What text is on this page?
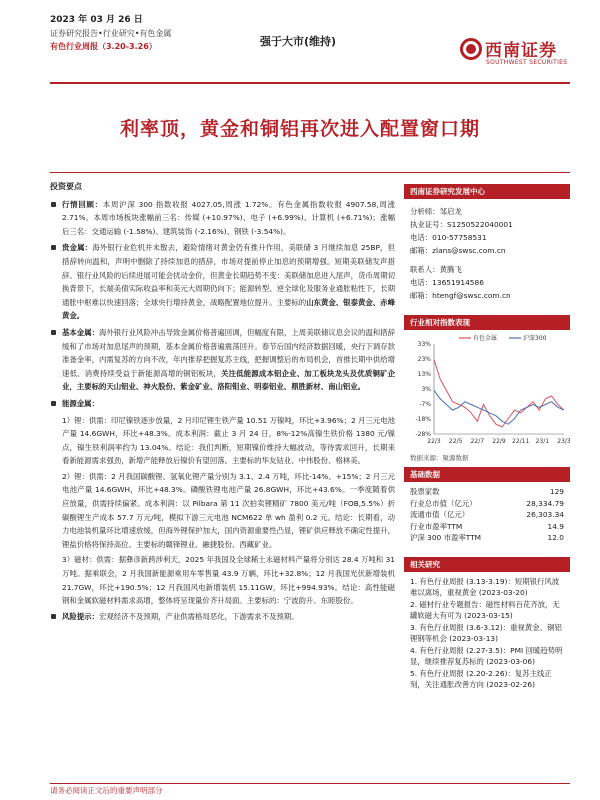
2023 年 03 月 26 日
证券研究报告•行业研究•有色金属
有色行业周报（3.20-3.26）	强于大市(维持)	西南证券
SOUTHWEST SECURITIES
利率顶，黄金和铜铝再次进入配置窗口期
投资要点
行情回顾：本周沪深 300 指数收报 4027.05,周涨 1.72%。有色金属指数收报 4907.58,周涨 2.71%。本周市场板块涨幅前三名：传媒 (+10.97%)、电子 (+6.99%)、计算机 (+6.71%)；涨幅后三名：交通运输 (-1.58%)、建筑装饰 (-2.16%)、钢铁 (-3.54%)。
贵金属：海外银行业危机并未散去，避险情绪对黄金仍有推升作用，美联储 3 月继续加息 25BP，但措辞转向温和，声明中删除了持续加息的措辞，市场对提前停止加息的预期增强。短期美联储发声措辞、银行业风险的后续进展可能会扰动金价，但黄金长期趋势不变：美联储加息进入尾声，货币周期切换背景下，长端美债实际收益率和美元大周期仍向下；能源转型、逆全球化及服务业通胀粘性下，长期通胀中枢难以快速回落；全球央行增持黄金，战略配置地位提升。主要标的山东黄金、银泰黄金、赤峰黄金。
基本金属：海外银行业风险冲击导致金属价格普遍回调，但幅度有限，上周美联储议息会议的温和措辞缓和了市场对加息尾声的预期，基本金属价格普遍震荡回升。春节后国内经济数据回暖，央行下调存款准备金率，内需复苏的方向不改，年内推荐把握复苏主线，把握调整后的布局机会，首推长期中供给增速低、消费持续受益于新能源高增的铜铝板块，关注低能源成本铝企业、加工板块龙头及优质铜矿企业，主要标的天山铝业、神火股份、紫金矿业、洛阳钼业、明泰铝业、鼎胜新材、南山铝业。
能源金属：
1）锂：供需：印尼镍铁逐步放量，2 月印尼锂生铁产量 10.51 万镍吨，环比+3.96%；2 月三元电池产量 14.6GWH，环比+48.3%。成本利润：截止 3 月 24 日，8%-12%高镍生铁价格 1380 元/镍点，镍生铁利润率约为 13.04%。结论：我们判断，短期镍价维持大幅波动，等待需求回升，长期来看新能源需求强劲，新增产能释放后镍价有望回落。主要标的华友钴业、中伟股份、格林美。
2）锂：供需：2 月我国碳酸锂、氢氧化锂产量分别为 3.1、2.4 万吨，环比-14%、+15%；2 月三元电池产量 14.6GWH，环比+48.3%。磷酸铁锂电池产量 26.8GWH，环比+43.6%。一季度随着供应放量，供需持续偏紧。成本利润：以 Pilbara 第 11 次拍卖锂精矿 7800 美元/吨（FOB,5.5%）折碳酸锂生产成本 57.7 万元/吨，模拟下游三元电池 NCM622 单 wh 盈利 0.2 元。结论：长期看，动力电池装机量环比增速放缓，但海外锂保护加大，国内资源重要性凸显，锂矿供应释放不确定性提升，锂盐价格将保持高位。主要标的赣锋锂业、融捷股份、西藏矿业。
3）磁材：供需：据彝彦新跨涉利天，2025 年我国及全球稀土永磁材料产量将分别达 28.4 万吨和 31 万吨。据乘联会，2 月我国新能源乘用车零售量 43.9 万辆，环比+32.8%；12 月我国光伏新增装机 21.7GW，环比+190.5%；12 月我国风电新增装机 15.11GW，环比+994.93%。结论：高性能磁钢和金属软磁材料需求高增，整体将呈现量价齐升局面。主要标的：宁波韵升、东睦股份。
风险提示：宏观经济不及预期，产业供需格局恶化，下游需求不及预期。
西南证券研究发展中心
分析师：邹启龙
执业证号：S1250522040001
电话：010-57758531
邮箱：zlans@swsc.com.cn
联系人：黄腾飞
电话：13651914586
邮箱：htengf@swsc.com.cn
行业相对指数表现
33%
23%
13%
3%
-7%
-18%
-28%
22/3 22/5 22/7 22/9 22/11 23/1 23/3
有色金属	沪深300
数据来源：聚源数据
基础数据
股票家数	129
行业总市值（亿元）	28,334.79
流通市值（亿元）	26,303.34
行业市盈率TTM	14.9
沪深 300 市盈率TTM	12.0
相关研究
1. 有色行业周报 (3.13-3.19)：短期银行风波难以离场，重视黄金 (2023-03-20)
2. 磁材行业专题报告：磁性材料百花齐放，无罐软磁大有可为 (2023-03-15)
3. 有色行业周报 (3.6-3.12)：重视黄金、铜铝锂钢等机会 (2023-03-13)
4. 有色行业周报 (2.27-3.5)：PMI 回暖趋势明显，继续推荐复苏标的 (2023-03-06)
5. 有色行业周报 (2.20-2.26)：复苏主线正刻，关注通胀改善方向 (2023-02-26)
请务必阅读正文后的重要声明部分
